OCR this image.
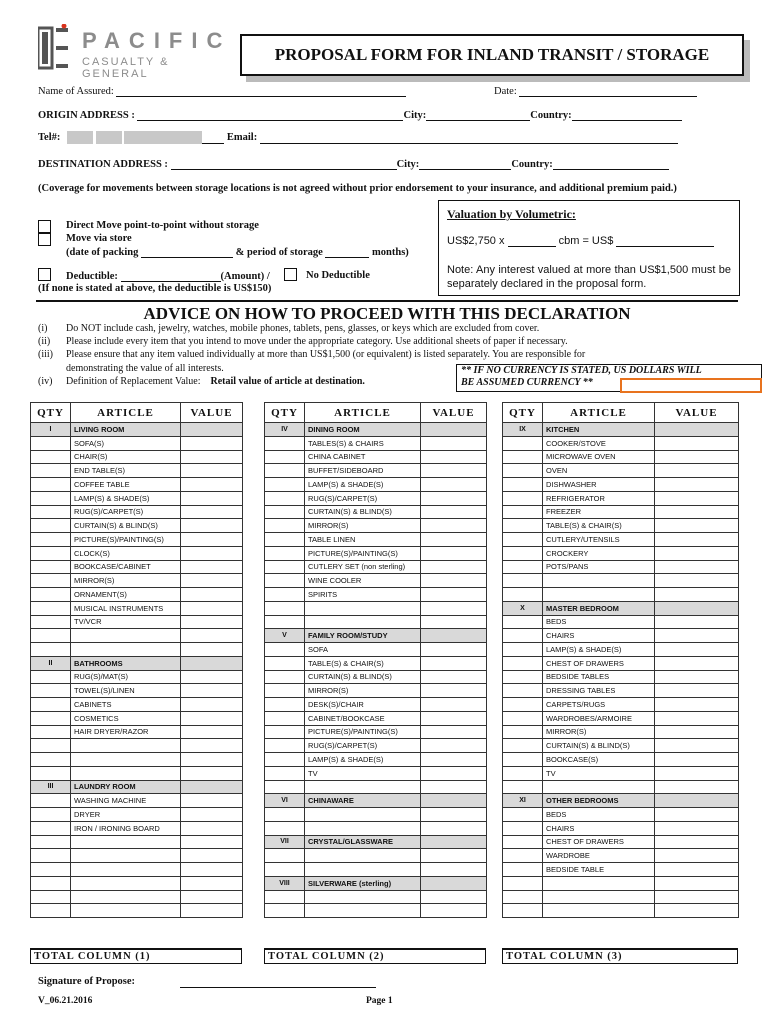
PACIFIC
CASUALTY & GENERAL
PROPOSAL FORM FOR INLAND TRANSIT / STORAGE
Name of Assured:	Date:
ORIGIN ADDRESS :	City:	Country:
Tel#:	Email:
DESTINATION ADDRESS :	City:	Country:
(Coverage for movements between storage locations is not agreed without prior endorsement to your insurance, and additional premium paid.)
Direct Move point-to-point without storage
Move via store
(date of packing	& period of storage	months)
Deductible:	(Amount) /	No Deductible
(If none is stated at above, the deductible is US$150)
Valuation by Volumetric:
US$2,750 x	cbm = US$
Note: Any interest valued at more than US$1,500 must be separately declared in the proposal form.
ADVICE ON HOW TO PROCEED WITH THIS DECLARATION
(i)	Do NOT include cash, jewelry, watches, mobile phones, tablets, pens, glasses, or keys which are excluded from cover.
(ii)	Please include every item that you intend to move under the appropriate category. Use additional sheets of paper if necessary.
(iii)	Please ensure that any item valued individually at more than US$1,500 (or equivalent) is listed separately. You are responsible for
demonstrating the value of all interests.
(iv)	Definition of Replacement Value: Retail value of article at destination.
** IF NO CURRENCY IS STATED, US DOLLARS WILL
BE ASSUMED CURRENCY **
QTY	ARTICLE	VALUE
I	LIVING ROOM	
	SOFA(S)	
	CHAIR(S)	
	END TABLE(S)	
	COFFEE TABLE	
	LAMP(S) & SHADE(S)	
	RUG(S)/CARPET(S)	
	CURTAIN(S) & BLIND(S)	
	PICTURE(S)/PAINTING(S)	
	CLOCK(S)	
	BOOKCASE/CABINET	
	MIRROR(S)	
	ORNAMENT(S)	
	MUSICAL INSTRUMENTS	
	TV/VCR	

II	BATHROOMS	
	RUG(S)/MAT(S)	
	TOWEL(S)/LINEN	
	CABINETS	
	COSMETICS	
	HAIR DRYER/RAZOR	

III	LAUNDRY ROOM	
	WASHING MACHINE	
	DRYER	
	IRON / IRONING BOARD	

QTY	ARTICLE	VALUE
IV	DINING ROOM	
	TABLES(S) & CHAIRS	
	CHINA CABINET	
	BUFFET/SIDEBOARD	
	LAMP(S) & SHADE(S)	
	RUG(S)/CARPET(S)	
	CURTAIN(S) & BLIND(S)	
	MIRROR(S)	
	TABLE LINEN	
	PICTURE(S)/PAINTING(S)	
	CUTLERY SET (non sterling)	
	WINE COOLER	
	SPIRITS	

V	FAMILY ROOM/STUDY	
	SOFA	
	TABLE(S) & CHAIR(S)	
	CURTAIN(S) & BLIND(S)	
	MIRROR(S)	
	DESK(S)/CHAIR	
	CABINET/BOOKCASE	
	PICTURE(S)/PAINTING(S)	
	RUG(S)/CARPET(S)	
	LAMP(S) & SHADE(S)	
	TV	

VI	CHINAWARE	

VII	CRYSTAL/GLASSWARE	

VIII	SILVERWARE (sterling)	

QTY	ARTICLE	VALUE
IX	KITCHEN	
	COOKER/STOVE	
	MICROWAVE OVEN	
	OVEN	
	DISHWASHER	
	REFRIGERATOR	
	FREEZER	
	TABLE(S) & CHAIR(S)	
	CUTLERY/UTENSILS	
	CROCKERY	
	POTS/PANS	

X	MASTER BEDROOM	
	BEDS	
	CHAIRS	
	LAMP(S) & SHADE(S)	
	CHEST OF DRAWERS	
	BEDSIDE TABLES	
	DRESSING TABLES	
	CARPETS/RUGS	
	WARDROBES/ARMOIRE	
	MIRROR(S)	
	CURTAIN(S) & BLIND(S)	
	BOOKCASE(S)	
	TV	

XI	OTHER BEDROOMS	
	BEDS	
	CHAIRS	
	CHEST OF DRAWERS	
	WARDROBE	
	BEDSIDE TABLE	

TOTAL COLUMN (1)	TOTAL COLUMN (2)	TOTAL COLUMN (3)
Signature of Propose:
V_06.21.2016	Page 1
